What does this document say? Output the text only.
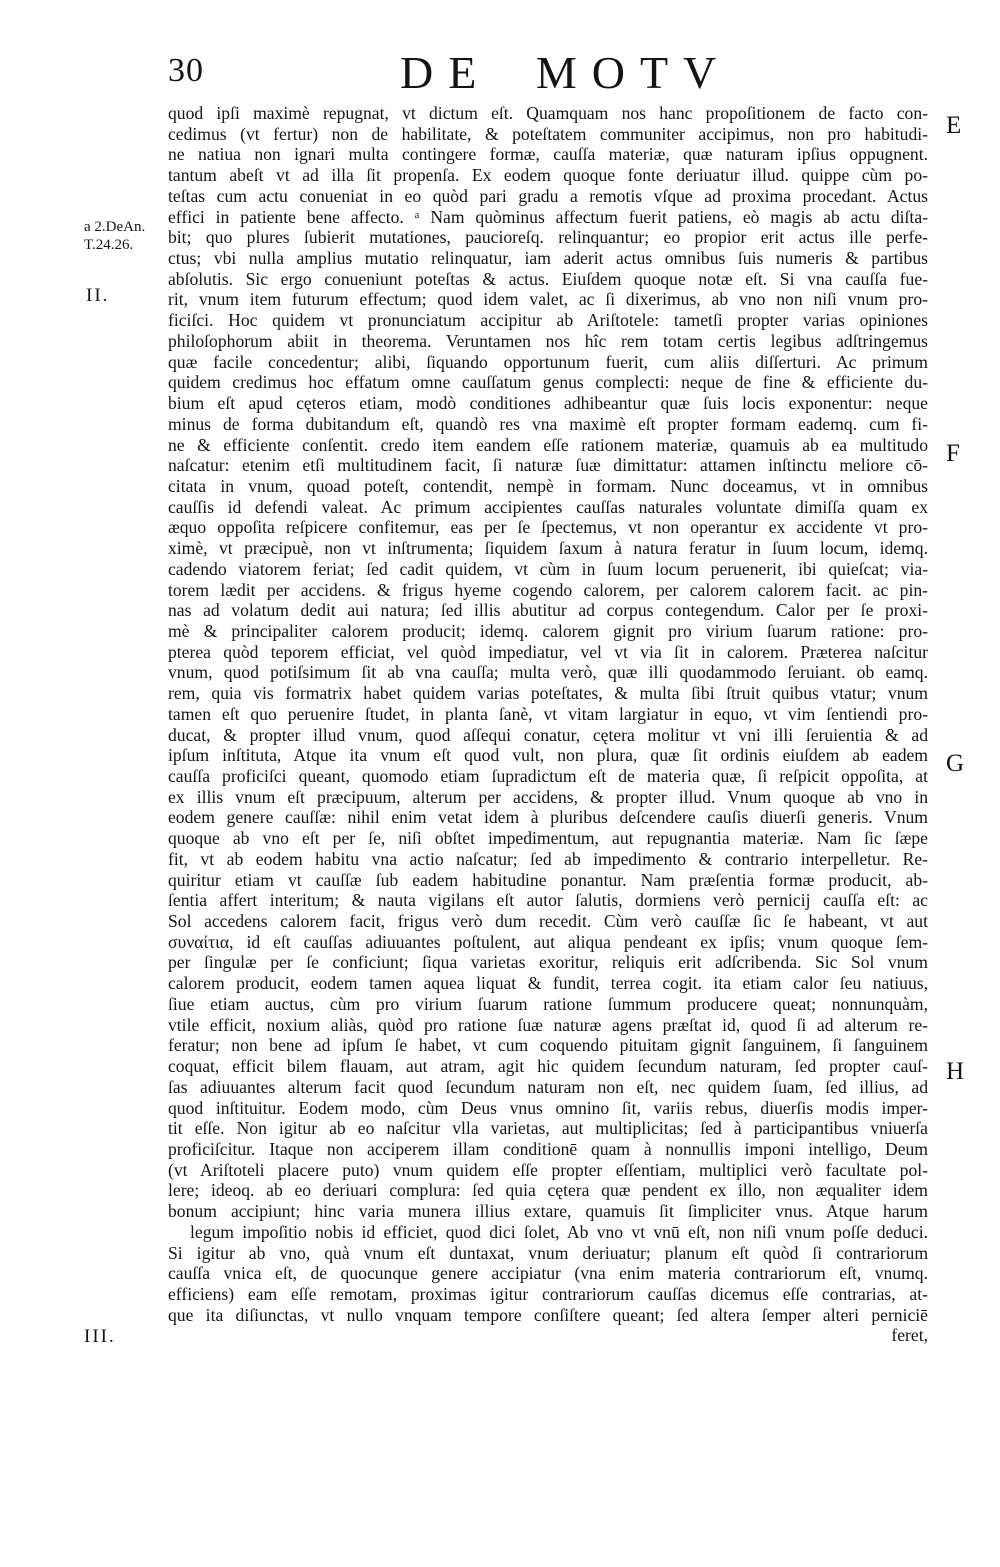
30	DE MOTV
a 2.DeAn.
T.24.26.
II.
III.
E
F
G
H
quod ipſi maximè repugnat, vt dictum eſt. Quamquam nos hanc propoſitionem de facto con-
cedimus (vt fertur) non de habilitate, & poteſtatem communiter accipimus, non pro habitudi-
ne natiua non ignari multa contingere formæ, cauſſa materiæ, quæ naturam ipſius oppugnent.
tantum abeſt vt ad illa ſit propenſa. Ex eodem quoque fonte deriuatur illud. quippe cùm po-
teſtas cum actu conueniat in eo quòd pari gradu a remotis vſque ad proxima procedant. Actus
effici in patiente bene affecto. ᵃ Nam quòminus affectum fuerit patiens, eò magis ab actu diſta-
bit; quo plures ſubierit mutationes, paucioreſq. relinquantur; eo propior erit actus ille perfe-
ctus; vbi nulla amplius mutatio relinquatur, iam aderit actus omnibus ſuis numeris & partibus
abſolutis. Sic ergo conueniunt poteſtas & actus. Eiuſdem quoque notæ eſt. Si vna cauſſa fue-
rit, vnum item futurum effectum; quod idem valet, ac ſi dixerimus, ab vno non niſi vnum pro-
ficiſci. Hoc quidem vt pronunciatum accipitur ab Ariſtotele: tametſi propter varias opiniones
philoſophorum abiit in theorema. Veruntamen nos hîc rem totam certis legibus adſtringemus
quæ facile concedentur; alibi, ſiquando opportunum fuerit, cum aliis diſſerturi. Ac primum
quidem credimus hoc effatum omne cauſſatum genus complecti: neque de fine & efficiente du-
bium eſt apud cęteros etiam, modò conditiones adhibeantur quæ ſuis locis exponentur: neque
minus de forma dubitandum eſt, quandò res vna maximè eſt propter formam eademq. cum fi-
ne & efficiente conſentit. credo item eandem eſſe rationem materiæ, quamuis ab ea multitudo
naſcatur: etenim etſi multitudinem facit, ſi naturæ ſuæ dimittatur: attamen inſtinctu meliore cō-
citata in vnum, quoad poteſt, contendit, nempè in formam. Nunc doceamus, vt in omnibus
cauſſis id defendi valeat. Ac primum accipientes cauſſas naturales voluntate dimiſſa quam ex
æquo oppoſita reſpicere confitemur, eas per ſe ſpectemus, vt non operantur ex accidente vt pro-
ximè, vt præcipuè, non vt inſtrumenta; ſiquidem ſaxum à natura feratur in ſuum locum, idemq.
cadendo viatorem feriat; ſed cadit quidem, vt cùm in ſuum locum peruenerit, ibi quieſcat; via-
torem lædit per accidens. & frigus hyeme cogendo calorem, per calorem calorem facit. ac pin-
nas ad volatum dedit aui natura; ſed illis abutitur ad corpus contegendum. Calor per ſe proxi-
mè & principaliter calorem producit; idemq. calorem gignit pro virium ſuarum ratione: pro-
pterea quòd teporem efficiat, vel quòd impediatur, vel vt via ſit in calorem. Præterea naſcitur
vnum, quod potiſsimum ſit ab vna cauſſa; multa verò, quæ illi quodammodo ſeruiant. ob eamq.
rem, quia vis formatrix habet quidem varias poteſtates, & multa ſibi ſtruit quibus vtatur; vnum
tamen eſt quo peruenire ſtudet, in planta ſanè, vt vitam largiatur in equo, vt vim ſentiendi pro-
ducat, & propter illud vnum, quod aſſequi conatur, cętera molitur vt vni illi ſeruientia & ad
ipſum inſtituta, Atque ita vnum eſt quod vult, non plura, quæ ſit ordinis eiuſdem ab eadem
cauſſa proficiſci queant, quomodo etiam ſupradictum eſt de materia quæ, ſi reſpicit oppoſita, at
ex illis vnum eſt præcipuum, alterum per accidens, & propter illud. Vnum quoque ab vno in
eodem genere cauſſæ: nihil enim vetat idem à pluribus deſcendere cauſis diuerſi generis. Vnum
quoque ab vno eſt per ſe, niſi obſtet impedimentum, aut repugnantia materiæ. Nam ſic ſæpe
fit, vt ab eodem habitu vna actio naſcatur; ſed ab impedimento & contrario interpelletur. Re-
quiritur etiam vt cauſſæ ſub eadem habitudine ponantur. Nam præſentia formæ producit, ab-
ſentia affert interitum; & nauta vigilans eſt autor ſalutis, dormiens verò pernicij cauſſa eſt: ac
Sol accedens calorem facit, frigus verò dum recedit. Cùm verò cauſſæ ſic ſe habeant, vt aut
συναίτια, id eſt cauſſas adiuuantes poſtulent, aut aliqua pendeant ex ipſis; vnum quoque ſem-
per ſingulæ per ſe conficiunt; ſiqua varietas exoritur, reliquis erit adſcribenda. Sic Sol vnum
calorem producit, eodem tamen aquea liquat & fundit, terrea cogit. ita etiam calor ſeu natiuus,
ſiue etiam auctus, cùm pro virium ſuarum ratione ſummum producere queat; nonnunquàm,
vtile efficit, noxium aliàs, quòd pro ratione ſuæ naturæ agens præſtat id, quod ſi ad alterum re-
feratur; non bene ad ipſum ſe habet, vt cum coquendo pituitam gignit ſanguinem, ſi ſanguinem
coquat, efficit bilem flauam, aut atram, agit hic quidem ſecundum naturam, ſed propter cauſ-
ſas adiuuantes alterum facit quod ſecundum naturam non eſt, nec quidem ſuam, ſed illius, ad
quod inſtituitur. Eodem modo, cùm Deus vnus omnino ſit, variis rebus, diuerſis modis imper-
tit eſſe. Non igitur ab eo naſcitur vlla varietas, aut multiplicitas; ſed à participantibus vniuerſa
proficiſcitur. Itaque non acciperem illam conditionē quam à nonnullis imponi intelligo, Deum
(vt Ariſtoteli placere puto) vnum quidem eſſe propter eſſentiam, multiplici verò facultate pol-
lere; ideoq. ab eo deriuari complura: ſed quia cętera quæ pendent ex illo, non æqualiter idem
bonum accipiunt; hinc varia munera illius extare, quamuis ſit ſimpliciter vnus. Atque harum
legum impoſitio nobis id efficiet, quod dici ſolet, Ab vno vt vnū eſt, non niſi vnum poſſe deduci.
Si igitur ab vno, quà vnum eſt duntaxat, vnum deriuatur; planum eſt quòd ſi contrariorum
cauſſa vnica eſt, de quocunque genere accipiatur (vna enim materia contrariorum eſt, vnumq.
efficiens) eam eſſe remotam, proximas igitur contrariorum cauſſas dicemus eſſe contrarias, at-
que ita diſiunctas, vt nullo vnquam tempore conſiſtere queant; ſed altera ſemper alteri perniciē
feret,
